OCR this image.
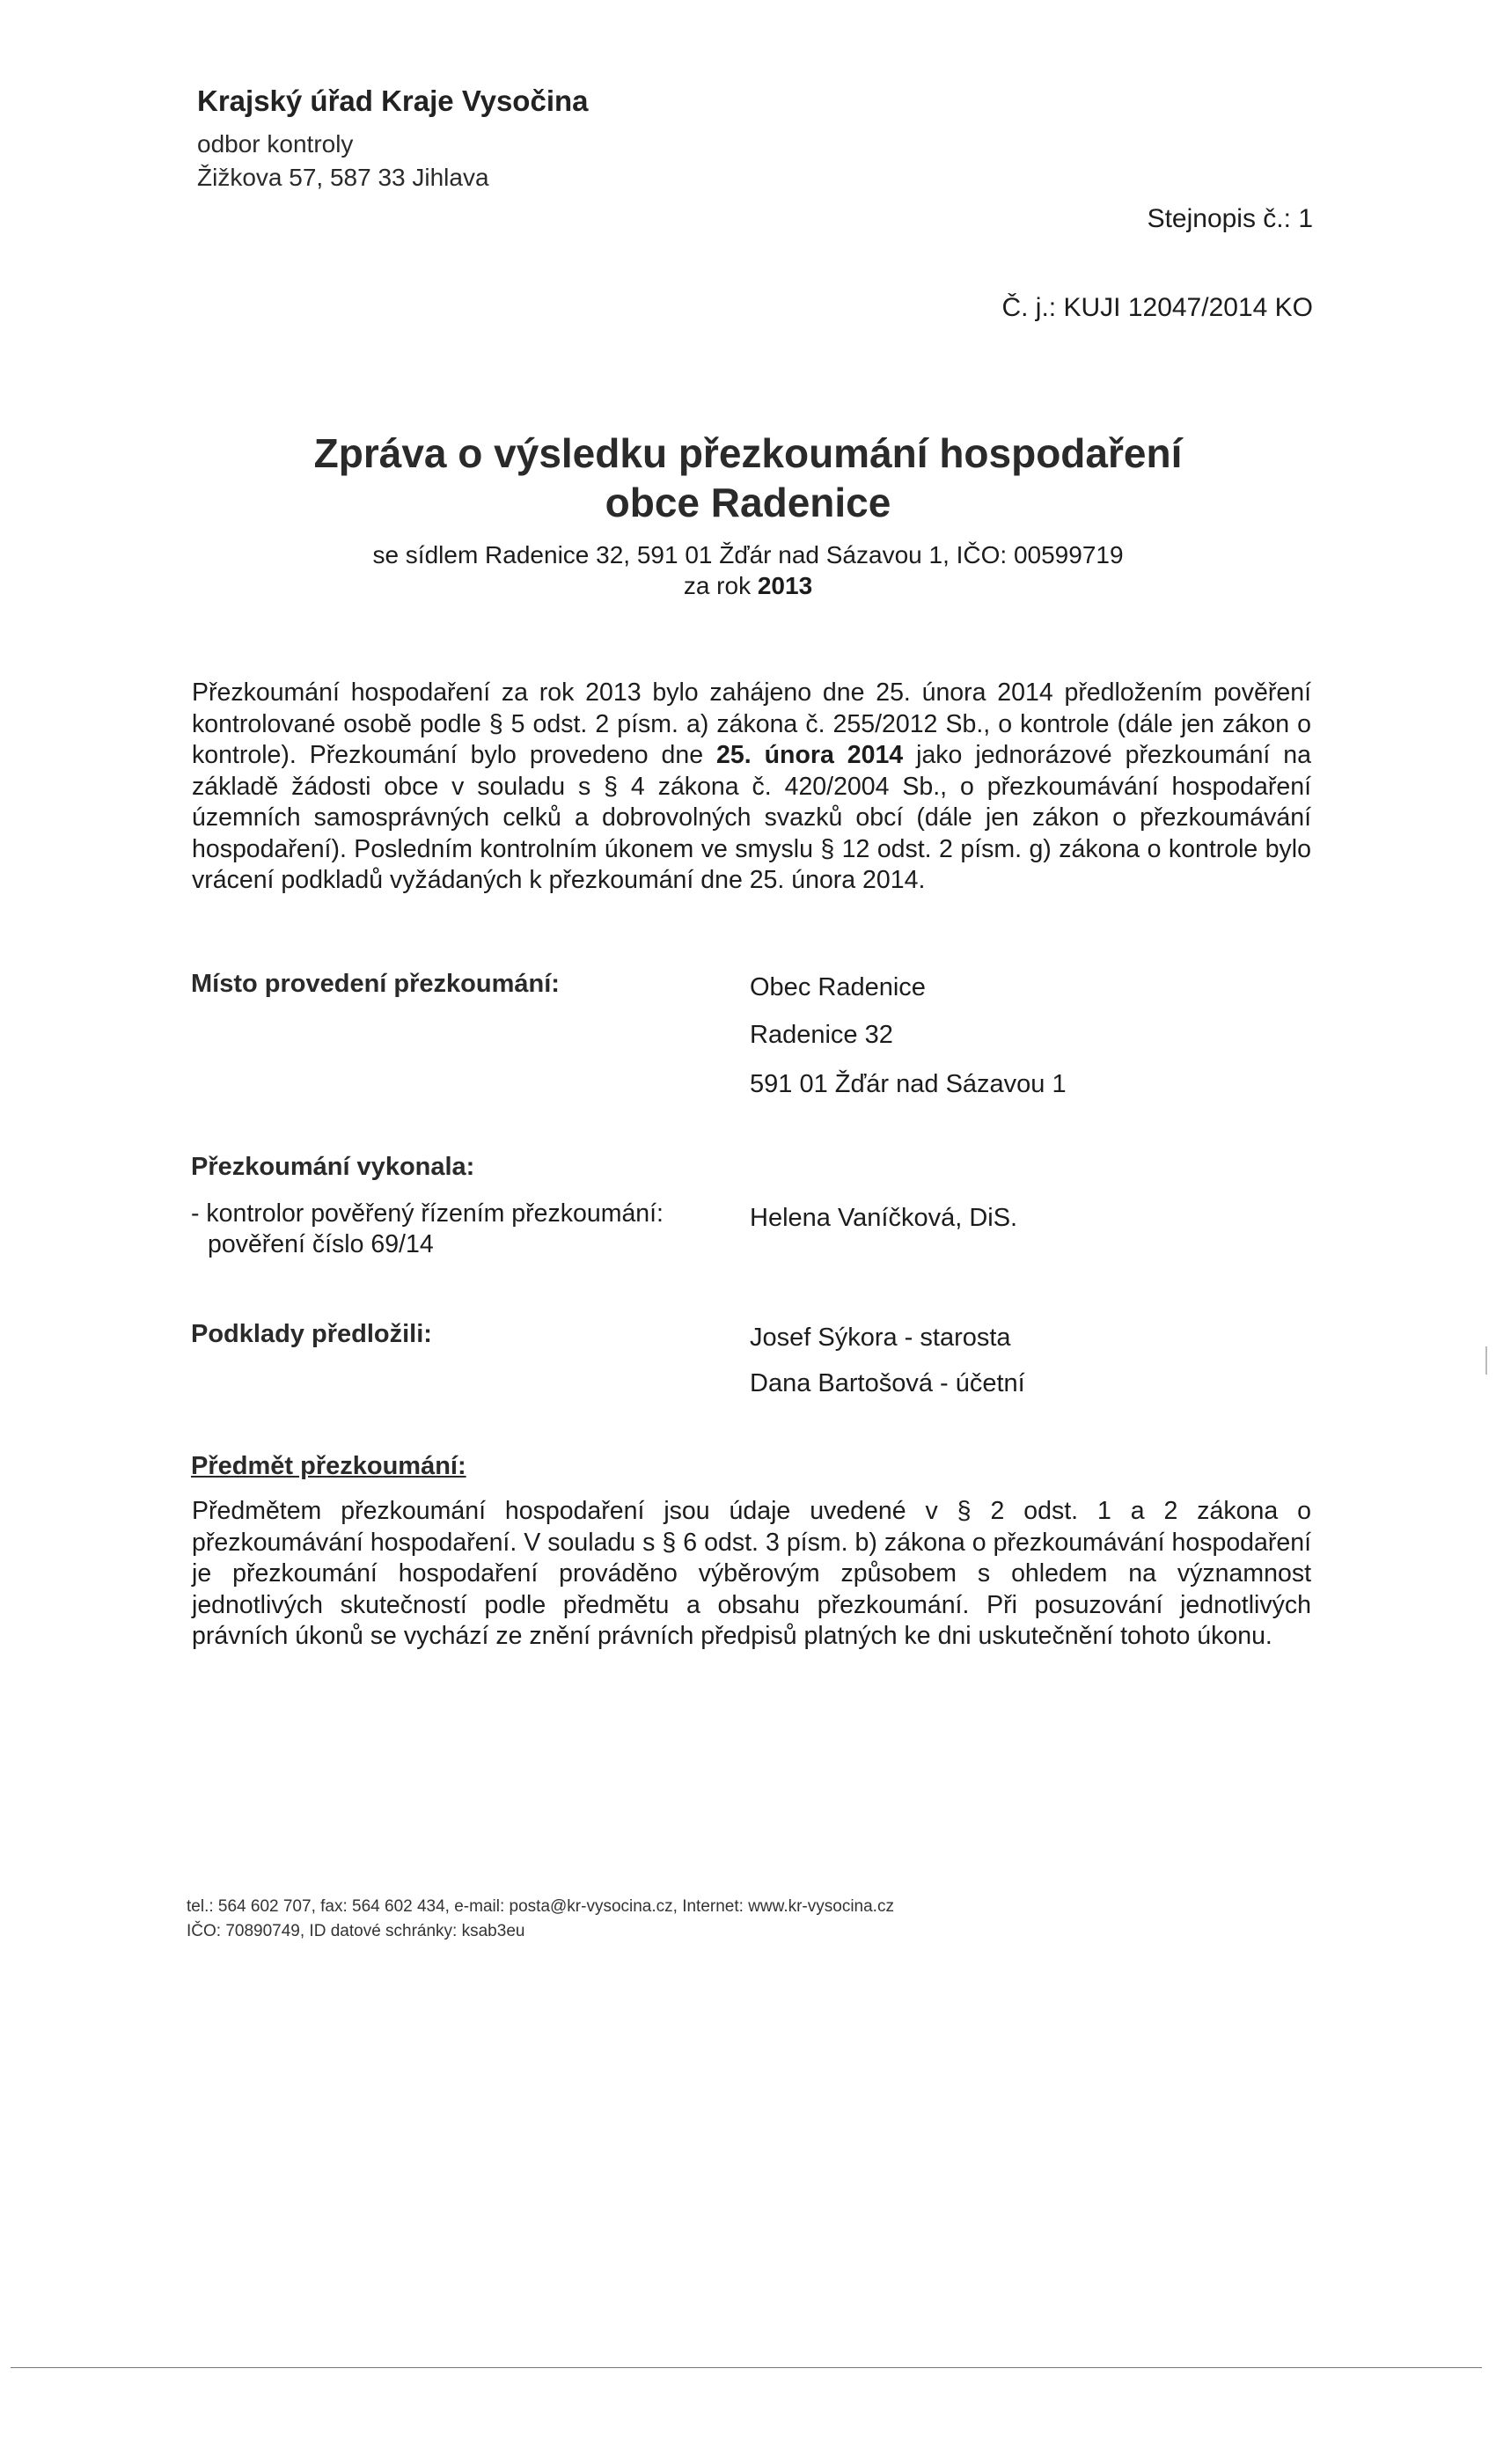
Krajský úřad Kraje Vysočina
odbor kontroly
Žižkova 57, 587 33 Jihlava
Stejnopis č.: 1
Č. j.: KUJI 12047/2014 KO
Zpráva o výsledku přezkoumání hospodaření
obce Radenice
se sídlem Radenice 32, 591 01 Žďár nad Sázavou 1, IČO: 00599719
za rok 2013
Přezkoumání hospodaření za rok 2013 bylo zahájeno dne 25. února 2014 předložením pověření kontrolované osobě podle § 5 odst. 2 písm. a) zákona č. 255/2012 Sb., o kontrole (dále jen zákon o kontrole). Přezkoumání bylo provedeno dne 25. února 2014 jako jednorázové přezkoumání na základě žádosti obce v souladu s § 4 zákona č. 420/2004 Sb., o přezkoumávání hospodaření územních samosprávných celků a dobrovolných svazků obcí (dále jen zákon o přezkoumávání hospodaření). Posledním kontrolním úkonem ve smyslu § 12 odst. 2 písm. g) zákona o kontrole bylo vrácení podkladů vyžádaných k přezkoumání dne 25. února 2014.
Místo provedení přezkoumání:	Obec Radenice
Radenice 32
591 01 Žďár nad Sázavou 1
Přezkoumání vykonala:
- kontrolor pověřený řízením přezkoumání:
pověření číslo 69/14
Helena Vaníčková, DiS.
Podklady předložili:	Josef Sýkora - starosta
Dana Bartošová - účetní
Předmět přezkoumání:
Předmětem přezkoumání hospodaření jsou údaje uvedené v § 2 odst. 1 a 2 zákona o přezkoumávání hospodaření. V souladu s § 6 odst. 3 písm. b) zákona o přezkoumávání hospodaření je přezkoumání hospodaření prováděno výběrovým způsobem s ohledem na významnost jednotlivých skutečností podle předmětu a obsahu přezkoumání. Při posuzování jednotlivých právních úkonů se vychází ze znění právních předpisů platných ke dni uskutečnění tohoto úkonu.
tel.: 564 602 707, fax: 564 602 434, e-mail: posta@kr-vysocina.cz, Internet: www.kr-vysocina.cz
IČO: 70890749, ID datové schránky: ksab3eu
